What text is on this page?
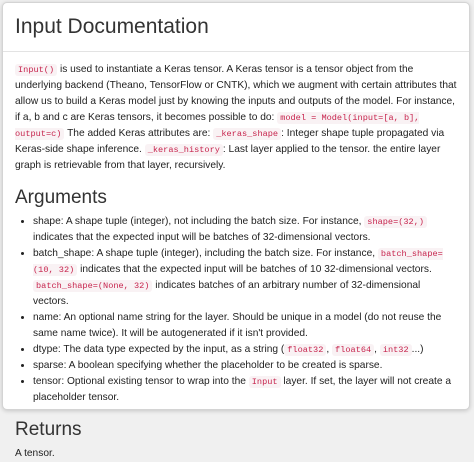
Input Documentation

Input() is used to instantiate a Keras tensor. A Keras tensor is a tensor object from the underlying backend (Theano, TensorFlow or CNTK), which we augment with certain attributes that allow us to build a Keras model just by knowing the inputs and outputs of the model. For instance, if a, b and c are Keras tensors, it becomes possible to do: model = Model(input=[a, b], output=c) The added Keras attributes are: _keras_shape : Integer shape tuple propagated via Keras-side shape inference. _keras_history : Last layer applied to the tensor. the entire layer graph is retrievable from that layer, recursively.

Arguments
• shape: A shape tuple (integer), not including the batch size. For instance, shape=(32,) indicates that the expected input will be batches of 32-dimensional vectors.
• batch_shape: A shape tuple (integer), including the batch size. For instance, batch_shape=(10, 32) indicates that the expected input will be batches of 10 32-dimensional vectors. batch_shape=(None, 32) indicates batches of an arbitrary number of 32-dimensional vectors.
• name: An optional name string for the layer. Should be unique in a model (do not reuse the same name twice). It will be autogenerated if it isn't provided.
• dtype: The data type expected by the input, as a string ( float32 , float64 , int32 ...)
• sparse: A boolean specifying whether the placeholder to be created is sparse.
• tensor: Optional existing tensor to wrap into the Input layer. If set, the layer will not create a placeholder tensor.
Returns

A tensor.
